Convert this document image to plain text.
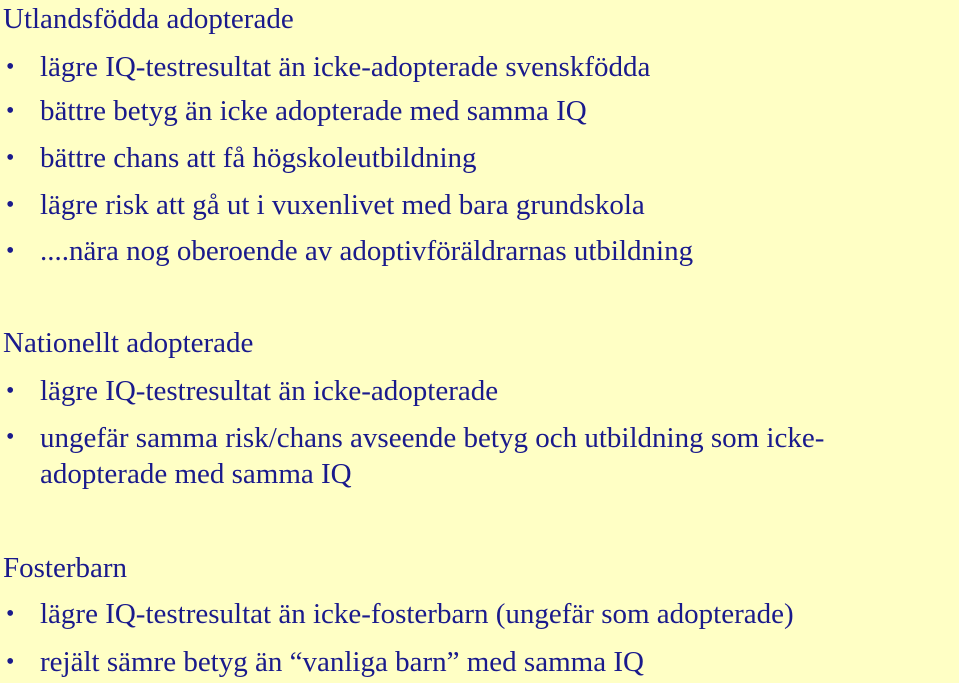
Utlandsfödda adopterade
• lägre IQ-testresultat än icke-adopterade svenskfödda
• bättre betyg än icke adopterade med samma IQ
• bättre chans att få högskoleutbildning
• lägre risk att gå ut i vuxenlivet med bara grundskola
• ....nära nog oberoende av adoptivföräldrarnas utbildning
Nationellt adopterade
• lägre IQ-testresultat än icke-adopterade
• ungefär samma risk/chans avseende betyg och utbildning som icke-adopterade med samma IQ
Fosterbarn
• lägre IQ-testresultat än icke-fosterbarn (ungefär som adopterade)
• rejält sämre betyg än “vanliga barn” med samma IQ
